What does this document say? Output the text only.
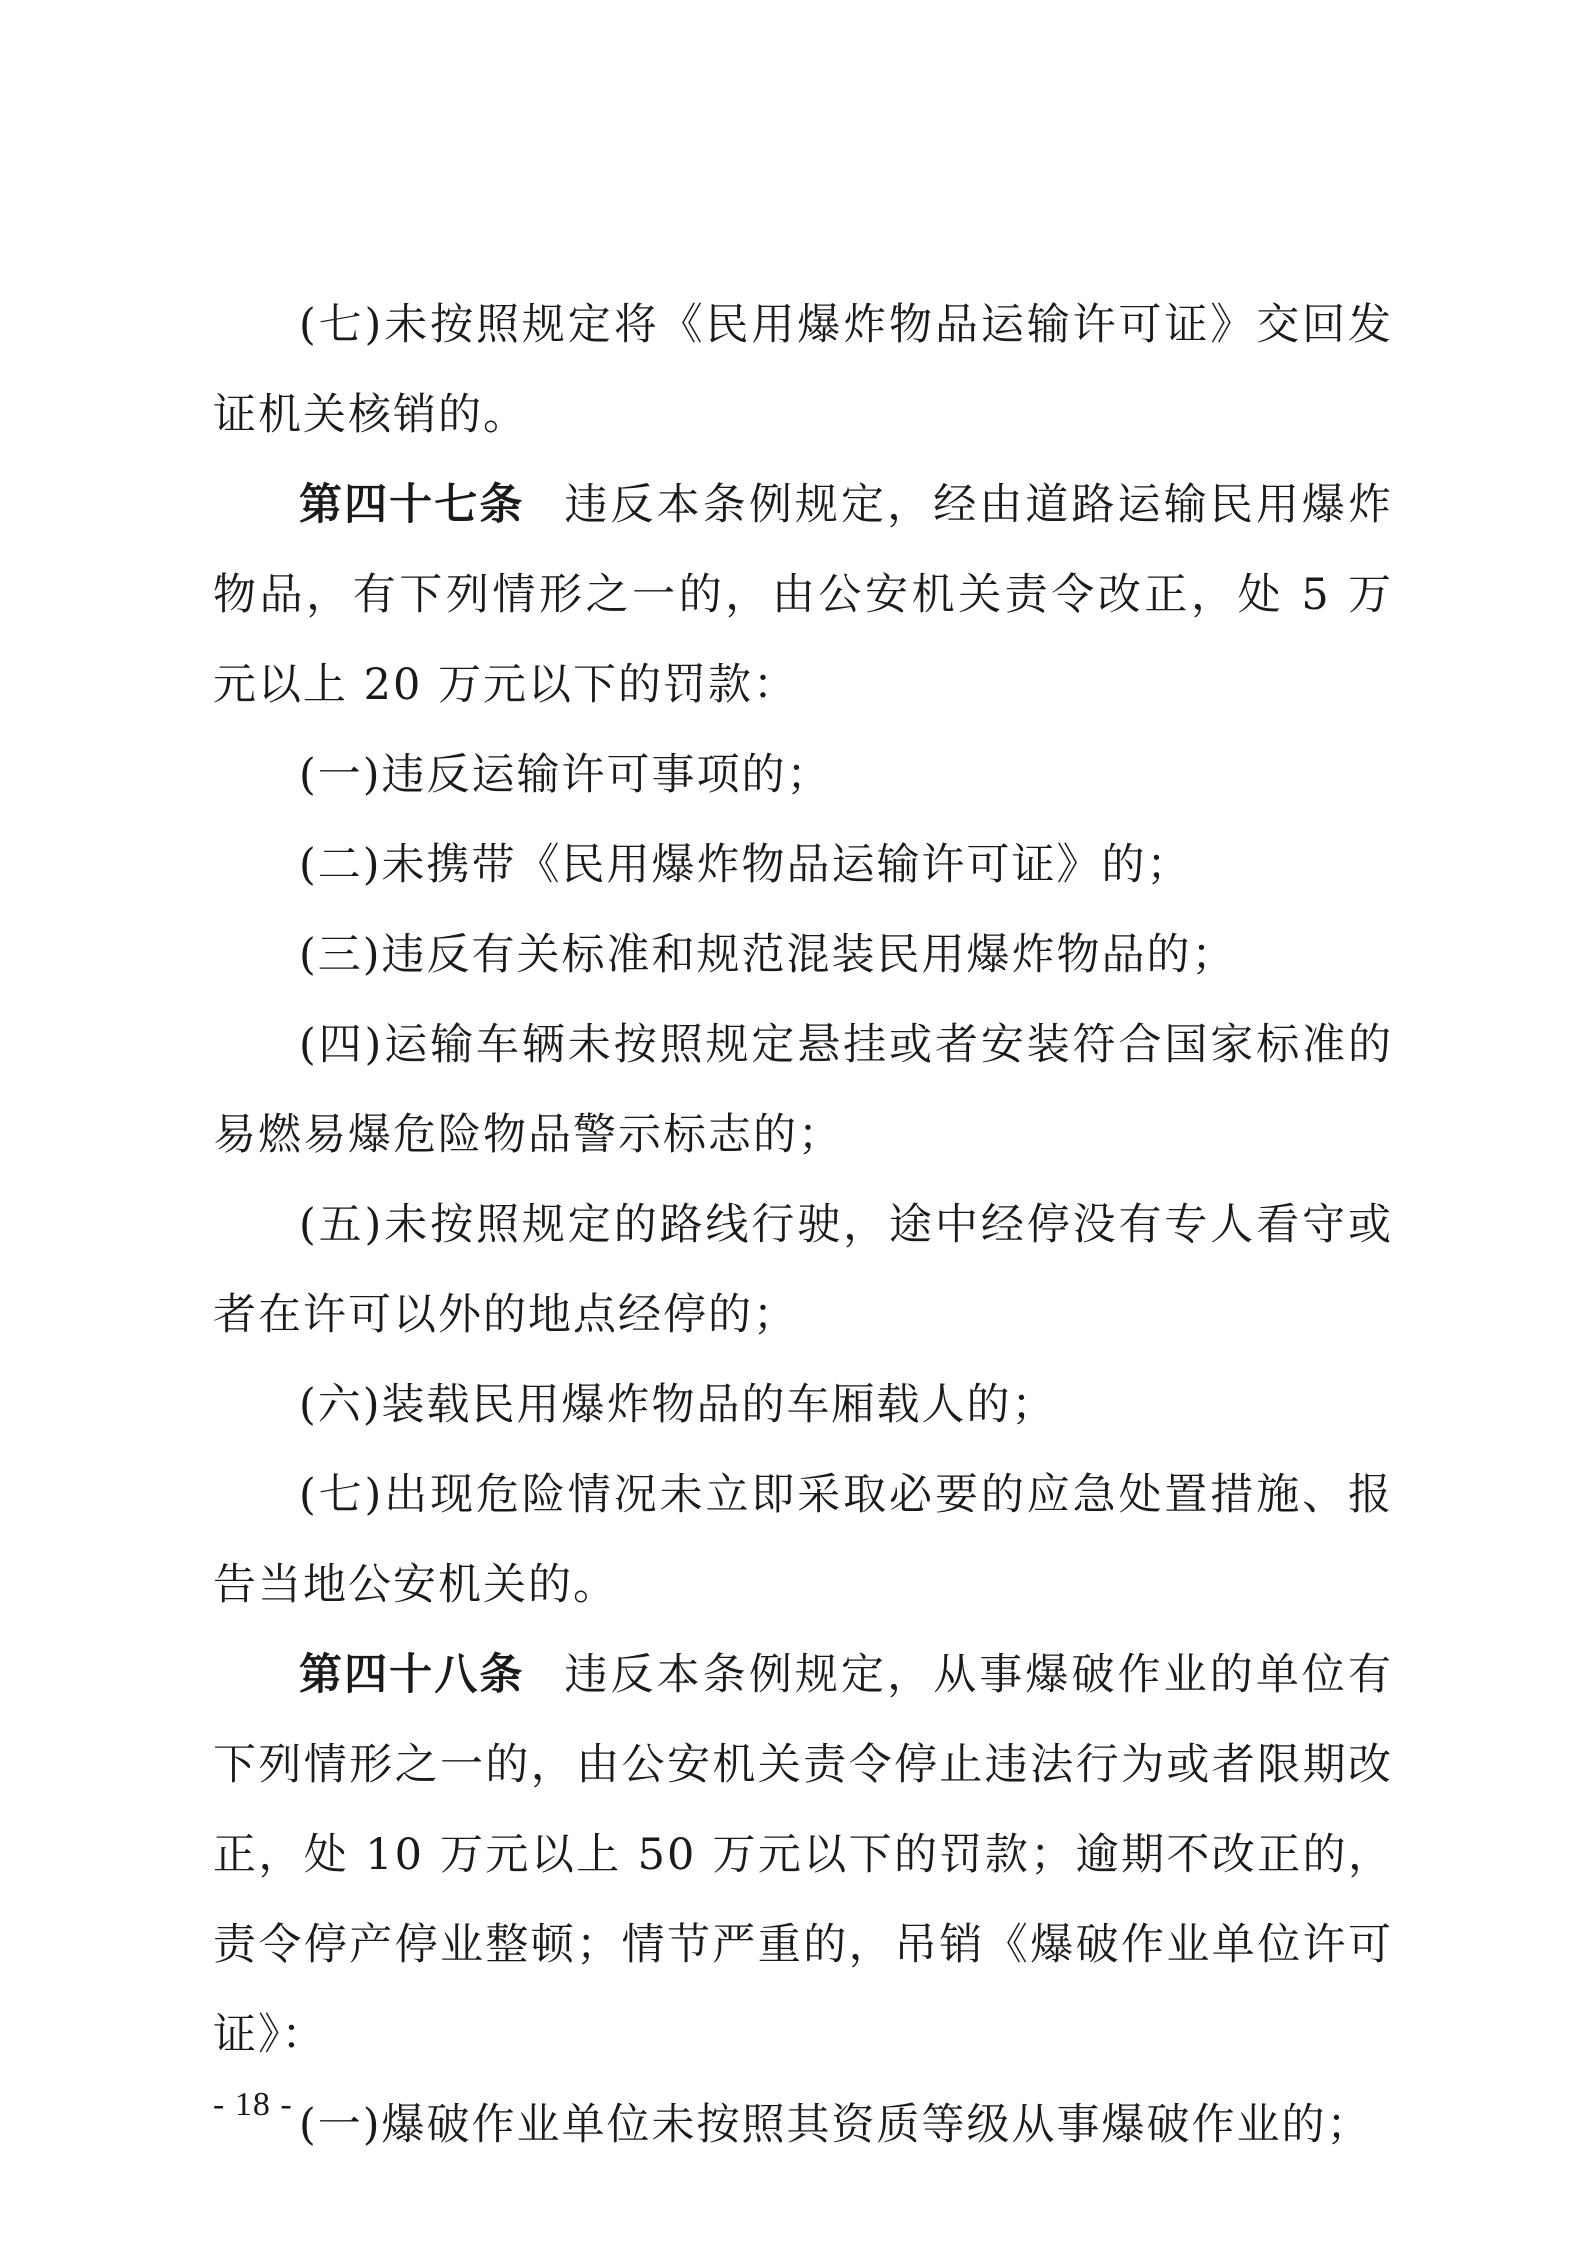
(七)未按照规定将《民用爆炸物品运输许可证》交回发证机关核销的。

第四十七条 违反本条例规定，经由道路运输民用爆炸物品，有下列情形之一的，由公安机关责令改正，处 5 万元以上 20 万元以下的罚款：

(一)违反运输许可事项的；

(二)未携带《民用爆炸物品运输许可证》的；

(三)违反有关标准和规范混装民用爆炸物品的；

(四)运输车辆未按照规定悬挂或者安装符合国家标准的易燃易爆危险物品警示标志的；

(五)未按照规定的路线行驶，途中经停没有专人看守或者在许可以外的地点经停的；

(六)装载民用爆炸物品的车厢载人的；

(七)出现危险情况未立即采取必要的应急处置措施、报告当地公安机关的。

第四十八条 违反本条例规定，从事爆破作业的单位有下列情形之一的，由公安机关责令停止违法行为或者限期改正，处 10 万元以上 50 万元以下的罚款；逾期不改正的，责令停产停业整顿；情节严重的，吊销《爆破作业单位许可证》：

(一)爆破作业单位未按照其资质等级从事爆破作业的；

- 18 -
